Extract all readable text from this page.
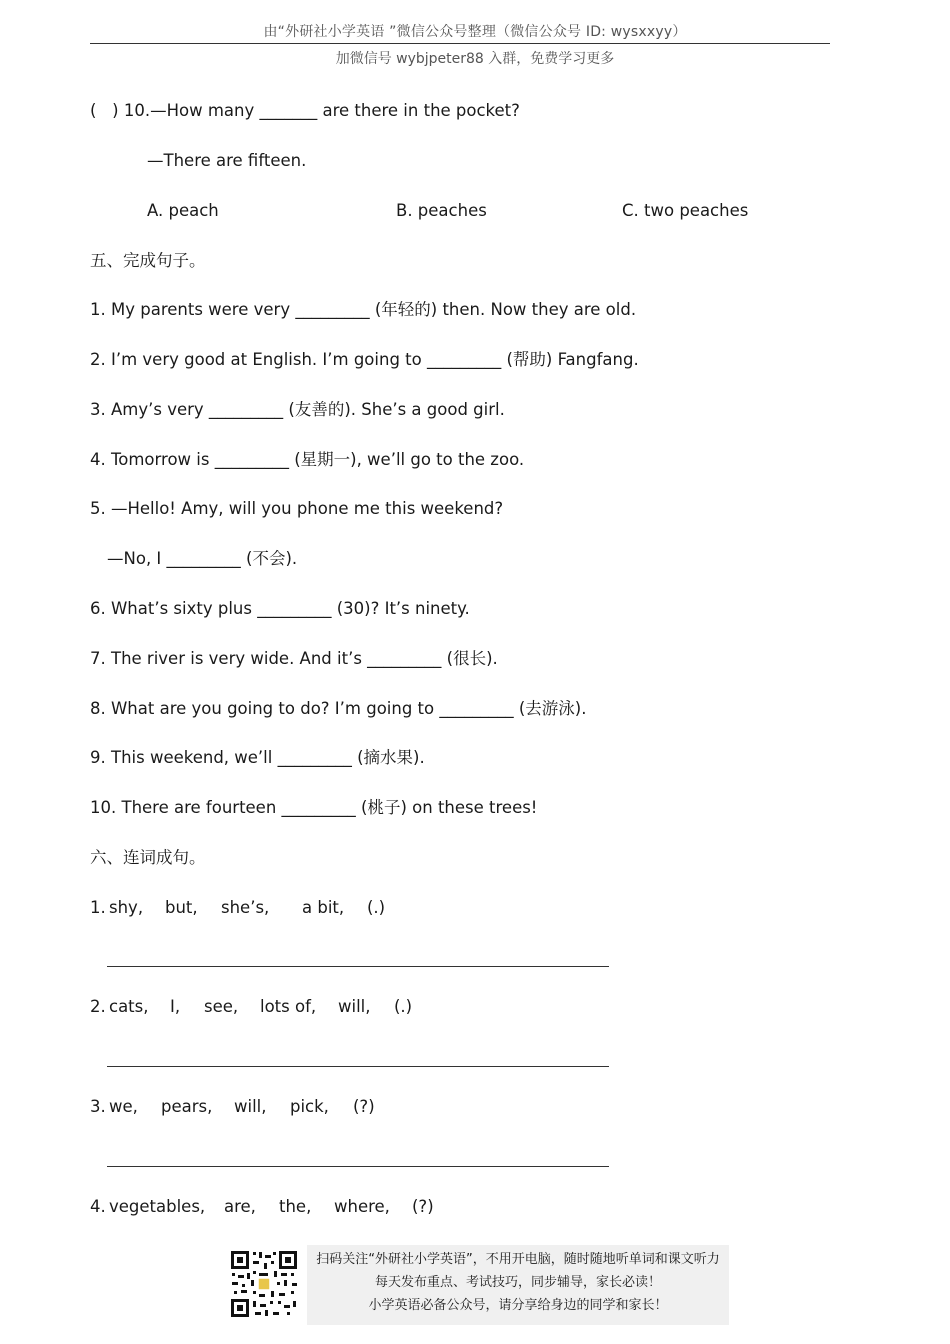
由“外研社小学英语 ”微信公众号整理（微信公众号 ID: wysxxyy）
加微信号 wybjpeter88 入群，免费学习更多
(   ) 10.—How many _______ are there in the pocket?
—There are fifteen.
A. peach	B. peaches	C. two peaches
五、完成句子。
1. My parents were very _________ (年轻的) then. Now they are old.
2. I’m very good at English. I’m going to _________ (帮助) Fangfang.
3. Amy’s very _________ (友善的). She’s a good girl.
4. Tomorrow is _________ (星期一), we’ll go to the zoo.
5. —Hello! Amy, will you phone me this weekend?
—No, I _________ (不会).
6. What’s sixty plus _________ (30)? It’s ninety.
7. The river is very wide. And it’s _________ (很长).
8. What are you going to do? I’m going to _________ (去游泳).
9. This weekend, we’ll _________ (摘水果).
10. There are fourteen _________ (桃子) on these trees!
六、连词成句。
1. shy, but, she’s, a bit, (.)
2. cats, I, see, lots of, will, (.)
3. we, pears, will, pick, (?)
4. vegetables, are, the, where, (?)
扫码关注“外研社小学英语”，不用开电脑，随时随地听单词和课文听力
每天发布重点、考试技巧，同步辅导，家长必读！
小学英语必备公众号，请分享给身边的同学和家长！
